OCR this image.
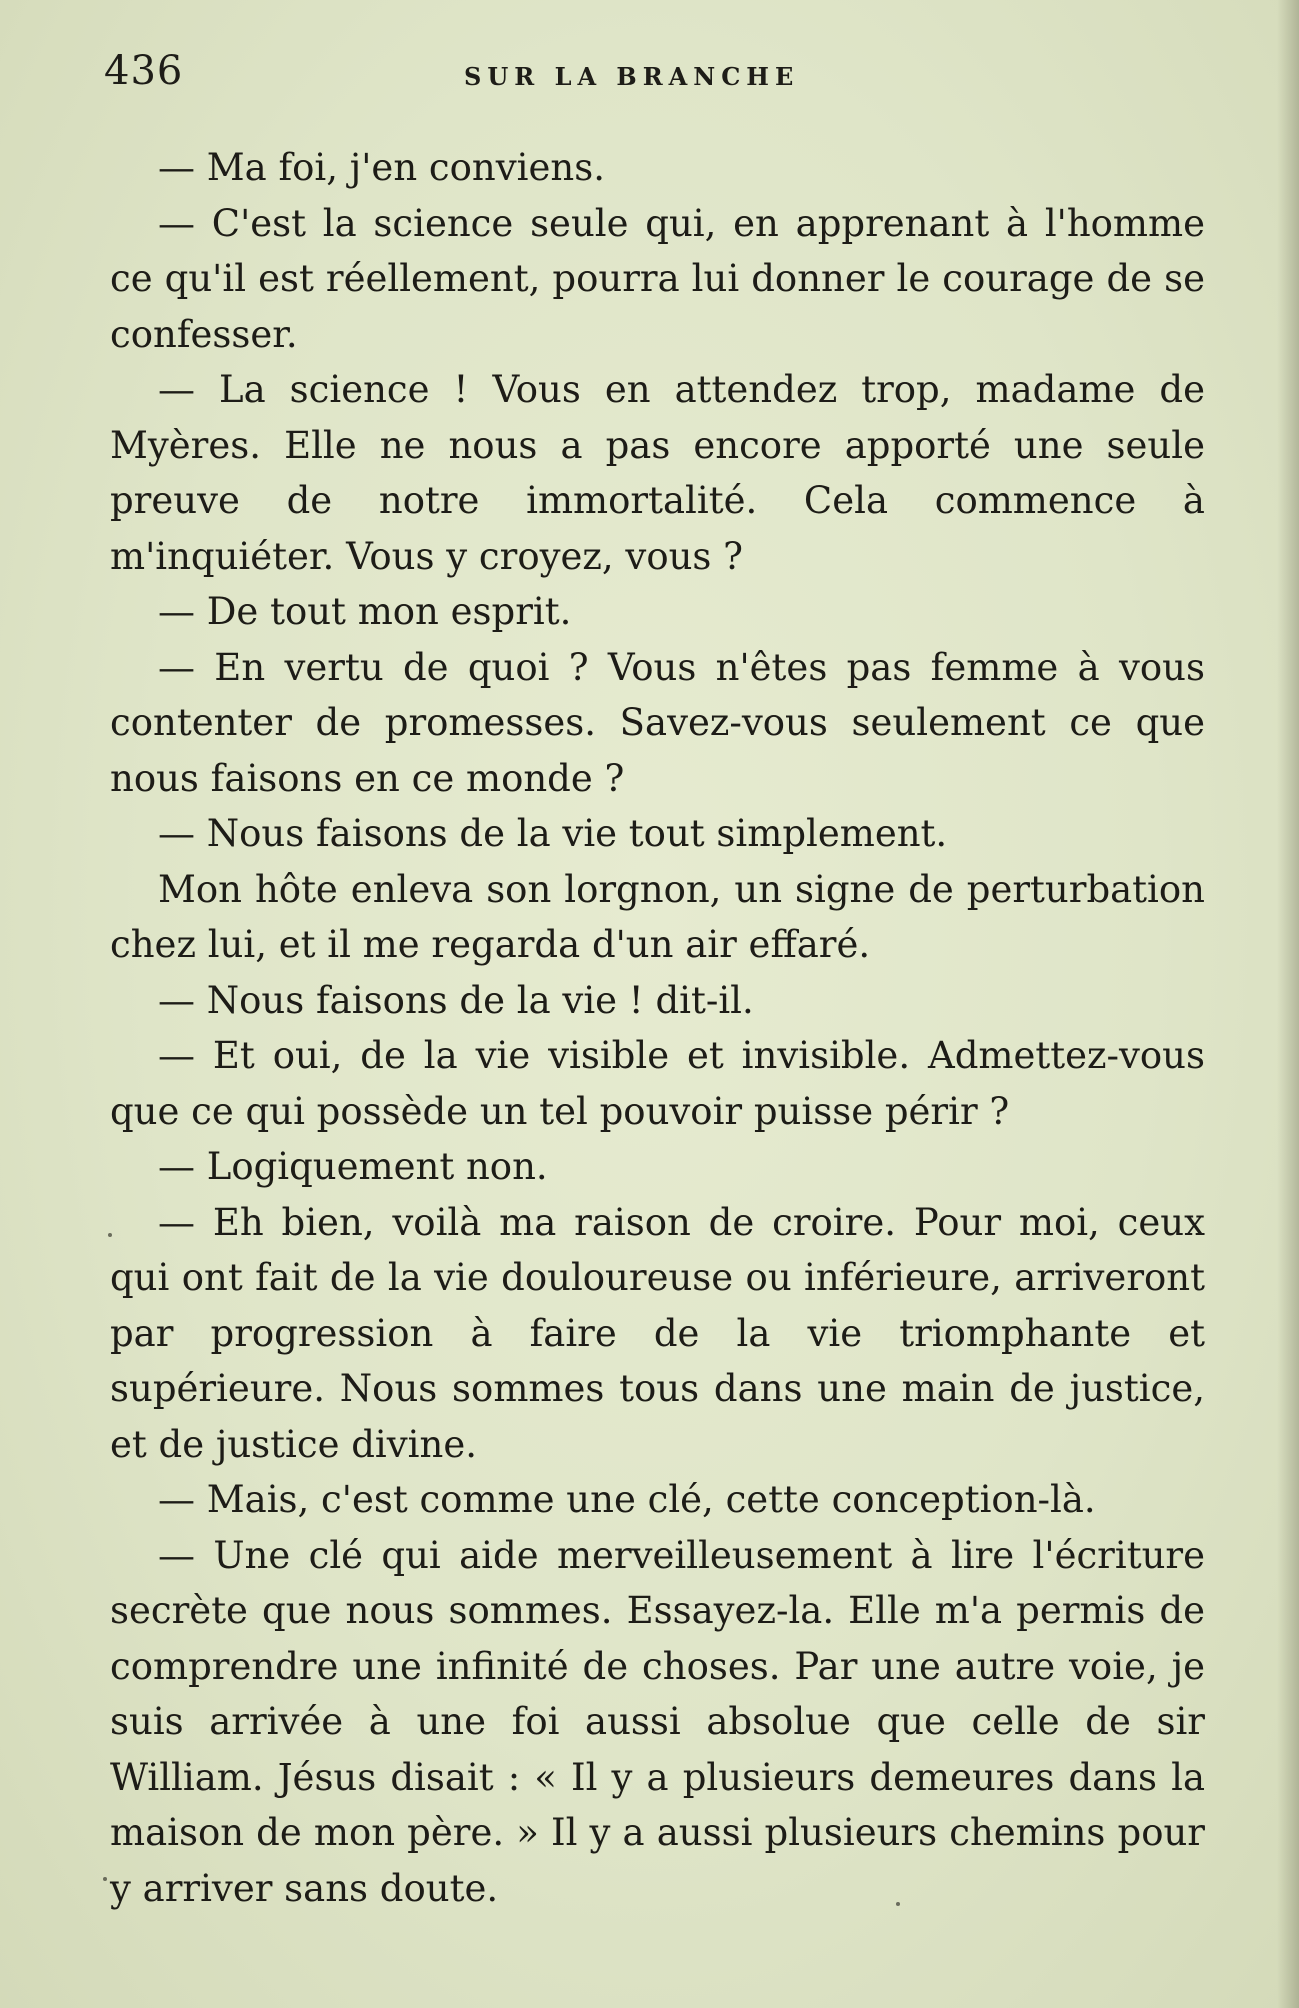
436	SUR LA BRANCHE

— Ma foi, j'en conviens.

— C'est la science seule qui, en apprenant à l'homme ce qu'il est réellement, pourra lui donner le courage de se confesser.

— La science ! Vous en attendez trop, madame de Myères. Elle ne nous a pas encore apporté une seule preuve de notre immortalité. Cela commence à m'inquiéter. Vous y croyez, vous ?

— De tout mon esprit.

— En vertu de quoi ? Vous n'êtes pas femme à vous contenter de promesses. Savez-vous seulement ce que nous faisons en ce monde ?

— Nous faisons de la vie tout simplement.

Mon hôte enleva son lorgnon, un signe de perturbation chez lui, et il me regarda d'un air effaré.

— Nous faisons de la vie ! dit-il.

— Et oui, de la vie visible et invisible. Admettez-vous que ce qui possède un tel pouvoir puisse périr ?

— Logiquement non.

— Eh bien, voilà ma raison de croire. Pour moi, ceux qui ont fait de la vie douloureuse ou inférieure, arriveront par progression à faire de la vie triomphante et supérieure. Nous sommes tous dans une main de justice, et de justice divine.

— Mais, c'est comme une clé, cette conception-là.

— Une clé qui aide merveilleusement à lire l'écriture secrète que nous sommes. Essayez-la. Elle m'a permis de comprendre une infinité de choses. Par une autre voie, je suis arrivée à une foi aussi absolue que celle de sir William. Jésus disait : « Il y a plusieurs demeures dans la maison de mon père. » Il y a aussi plusieurs chemins pour y arriver sans doute.
